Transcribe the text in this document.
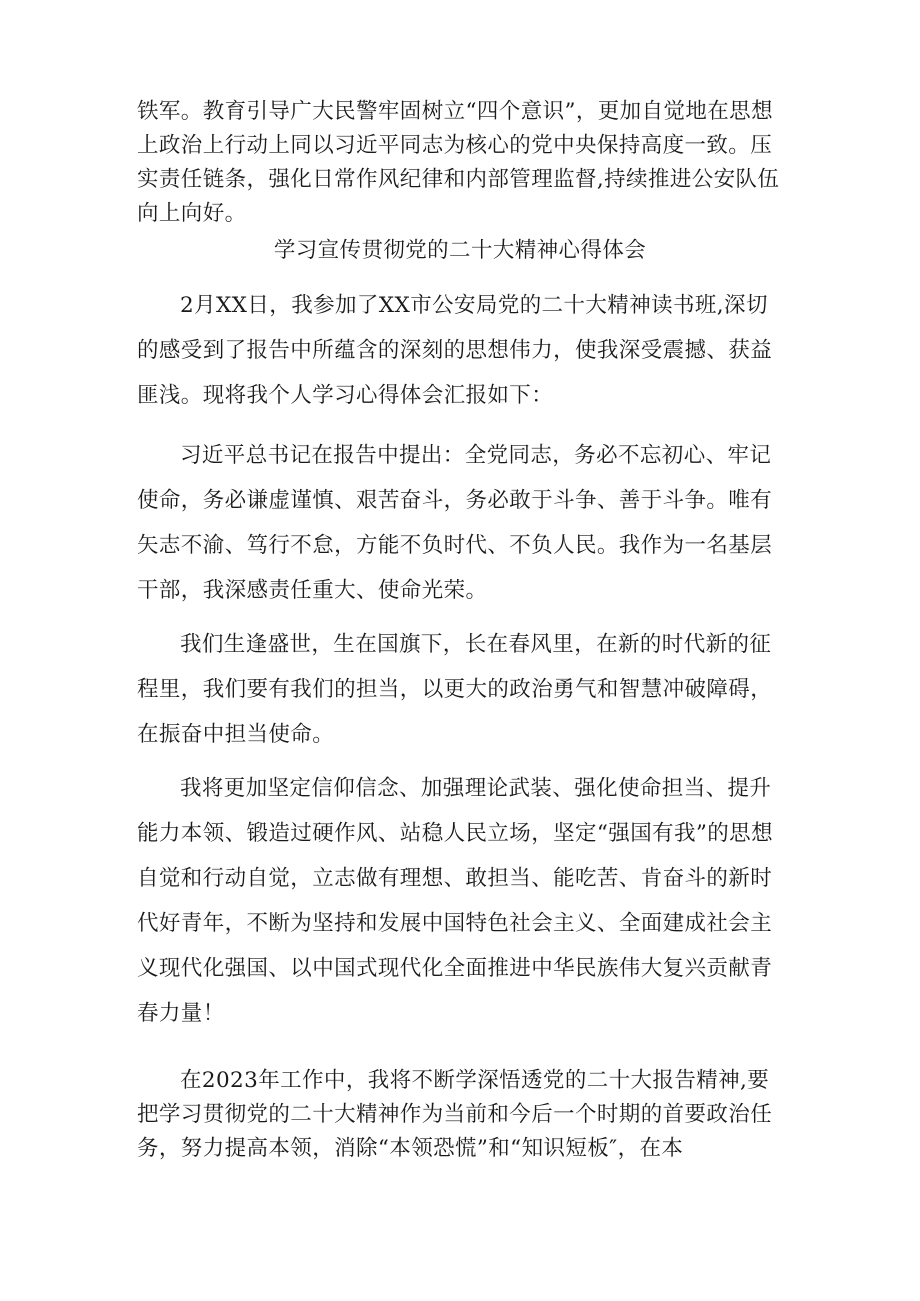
铁军。教育引导广大民警牢固树立“四个意识”，更加自觉地在思想上政治上行动上同以习近平同志为核心的党中央保持高度一致。压实责任链条，强化日常作风纪律和内部管理监督,持续推进公安队伍向上向好。

学习宣传贯彻党的二十大精神心得体会

2月XX日，我参加了XX市公安局党的二十大精神读书班,深切的感受到了报告中所蕴含的深刻的思想伟力，使我深受震撼、获益匪浅。现将我个人学习心得体会汇报如下：

习近平总书记在报告中提出：全党同志，务必不忘初心、牢记使命，务必谦虚谨慎、艰苦奋斗，务必敢于斗争、善于斗争。唯有矢志不渝、笃行不怠，方能不负时代、不负人民。我作为一名基层干部，我深感责任重大、使命光荣。

我们生逢盛世，生在国旗下，长在春风里，在新的时代新的征程里，我们要有我们的担当，以更大的政治勇气和智慧冲破障碍，在振奋中担当使命。

我将更加坚定信仰信念、加强理论武装、强化使命担当、提升能力本领、锻造过硬作风、站稳人民立场，坚定“强国有我”的思想自觉和行动自觉，立志做有理想、敢担当、能吃苦、肯奋斗的新时代好青年，不断为坚持和发展中国特色社会主义、全面建成社会主义现代化强国、以中国式现代化全面推进中华民族伟大复兴贡献青春力量！

在2023年工作中，我将不断学深悟透党的二十大报告精神,要把学习贯彻党的二十大精神作为当前和今后一个时期的首要政治任务，努力提高本领，消除“本领恐慌”和“知识短板″，在本
